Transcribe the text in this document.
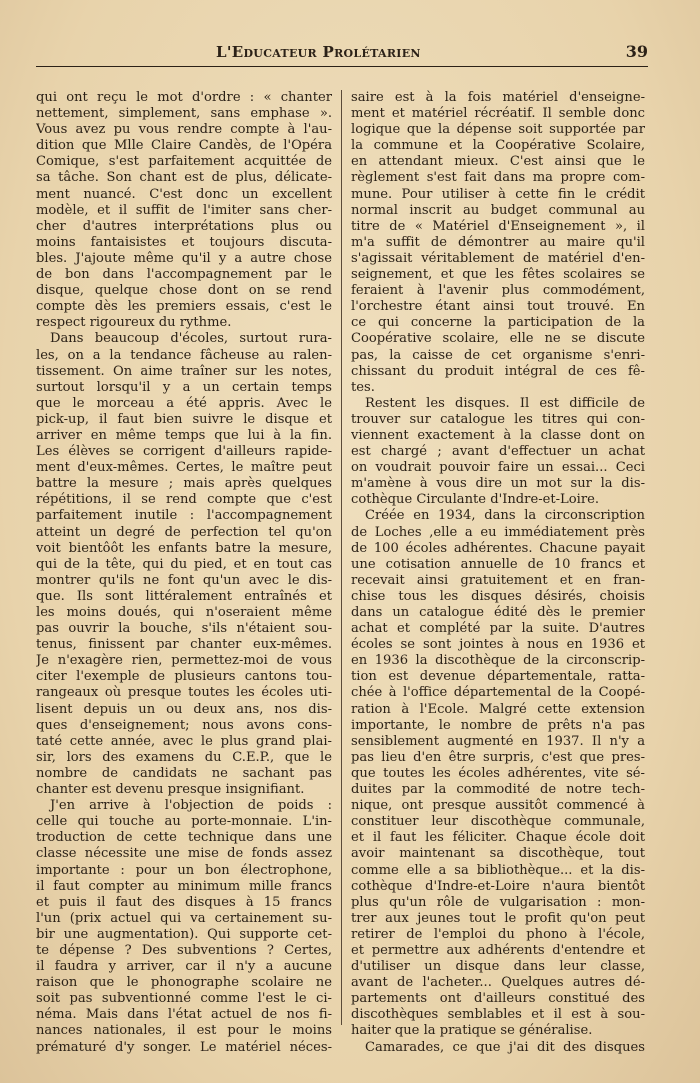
L'Educateur Prolétarien	39
qui ont reçu le mot d'ordre : « chanter
nettement, simplement, sans emphase ».
Vous avez pu vous rendre compte à l'au-
dition que Mlle Claire Candès, de l'Opéra
Comique, s'est parfaitement acquittée de
sa tâche. Son chant est de plus, délicate-
ment nuancé. C'est donc un excellent
modèle, et il suffit de l'imiter sans cher-
cher d'autres interprétations plus ou
moins fantaisistes et toujours discuta-
bles. J'ajoute même qu'il y a autre chose
de bon dans l'accompagnement par le
disque, quelque chose dont on se rend
compte dès les premiers essais, c'est le
respect rigoureux du rythme.
Dans beaucoup d'écoles, surtout rura-
les, on a la tendance fâcheuse au ralen-
tissement. On aime traîner sur les notes,
surtout lorsqu'il y a un certain temps
que le morceau a été appris. Avec le
pick-up, il faut bien suivre le disque et
arriver en même temps que lui à la fin.
Les élèves se corrigent d'ailleurs rapide-
ment d'eux-mêmes. Certes, le maître peut
battre la mesure ; mais après quelques
répétitions, il se rend compte que c'est
parfaitement inutile : l'accompagnement
atteint un degré de perfection tel qu'on
voit bientôôt les enfants batre la mesure,
qui de la tête, qui du pied, et en tout cas
montrer qu'ils ne font qu'un avec le dis-
que. Ils sont littéralement entraînés et
les moins doués, qui n'oseraient même
pas ouvrir la bouche, s'ils n'étaient sou-
tenus, finissent par chanter eux-mêmes.
Je n'exagère rien, permettez-moi de vous
citer l'exemple de plusieurs cantons tou-
rangeaux où presque toutes les écoles uti-
lisent depuis un ou deux ans, nos dis-
ques d'enseignement; nous avons cons-
taté cette année, avec le plus grand plai-
sir, lors des examens du C.E.P., que le
nombre de candidats ne sachant pas
chanter est devenu presque insignifiant.
J'en arrive à l'objection de poids :
celle qui touche au porte-monnaie. L'in-
troduction de cette technique dans une
classe nécessite une mise de fonds assez
importante : pour un bon électrophone,
il faut compter au minimum mille francs
et puis il faut des disques à 15 francs
l'un (prix actuel qui va certainement su-
bir une augmentation). Qui supporte cet-
te dépense ? Des subventions ? Certes,
il faudra y arriver, car il n'y a aucune
raison que le phonographe scolaire ne
soit pas subventionné comme l'est le ci-
néma. Mais dans l'état actuel de nos fi-
nances nationales, il est pour le moins
prématuré d'y songer. Le matériel néces-
saire est à la fois matériel d'enseigne-
ment et matériel récréatif. Il semble donc
logique que la dépense soit supportée par
la commune et la Coopérative Scolaire,
en attendant mieux. C'est ainsi que le
règlement s'est fait dans ma propre com-
mune. Pour utiliser à cette fin le crédit
normal inscrit au budget communal au
titre de « Matériel d'Enseignement », il
m'a suffit de démontrer au maire qu'il
s'agissait véritablement de matériel d'en-
seignement, et que les fêtes scolaires se
feraient à l'avenir plus commodément,
l'orchestre étant ainsi tout trouvé. En
ce qui concerne la participation de la
Coopérative scolaire, elle ne se discute
pas, la caisse de cet organisme s'enri-
chissant du produit intégral de ces fê-
tes.
Restent les disques. Il est difficile de
trouver sur catalogue les titres qui con-
viennent exactement à la classe dont on
est chargé ; avant d'effectuer un achat
on voudrait pouvoir faire un essai... Ceci
m'amène à vous dire un mot sur la dis-
cothèque Circulante d'Indre-et-Loire.
Créée en 1934, dans la circonscription
de Loches ,elle a eu immédiatement près
de 100 écoles adhérentes. Chacune payait
une cotisation annuelle de 10 francs et
recevait ainsi gratuitement et en fran-
chise tous les disques désirés, choisis
dans un catalogue édité dès le premier
achat et complété par la suite. D'autres
écoles se sont jointes à nous en 1936 et
en 1936 la discothèque de la circonscrip-
tion est devenue départementale, ratta-
chée à l'office départemental de la Coopé-
ration à l'Ecole. Malgré cette extension
importante, le nombre de prêts n'a pas
sensiblement augmenté en 1937. Il n'y a
pas lieu d'en être surpris, c'est que pres-
que toutes les écoles adhérentes, vite sé-
duites par la commodité de notre tech-
nique, ont presque aussitôt commencé à
constituer leur discothèque communale,
et il faut les féliciter. Chaque école doit
avoir maintenant sa discothèque, tout
comme elle a sa bibliothèque... et la dis-
cothèque d'Indre-et-Loire n'aura bientôt
plus qu'un rôle de vulgarisation : mon-
trer aux jeunes tout le profit qu'on peut
retirer de l'emploi du phono à l'école,
et permettre aux adhérents d'entendre et
d'utiliser un disque dans leur classe,
avant de l'acheter... Quelques autres dé-
partements ont d'ailleurs constitué des
discothèques semblables et il est à sou-
haiter que la pratique se généralise.
Camarades, ce que j'ai dit des disques
